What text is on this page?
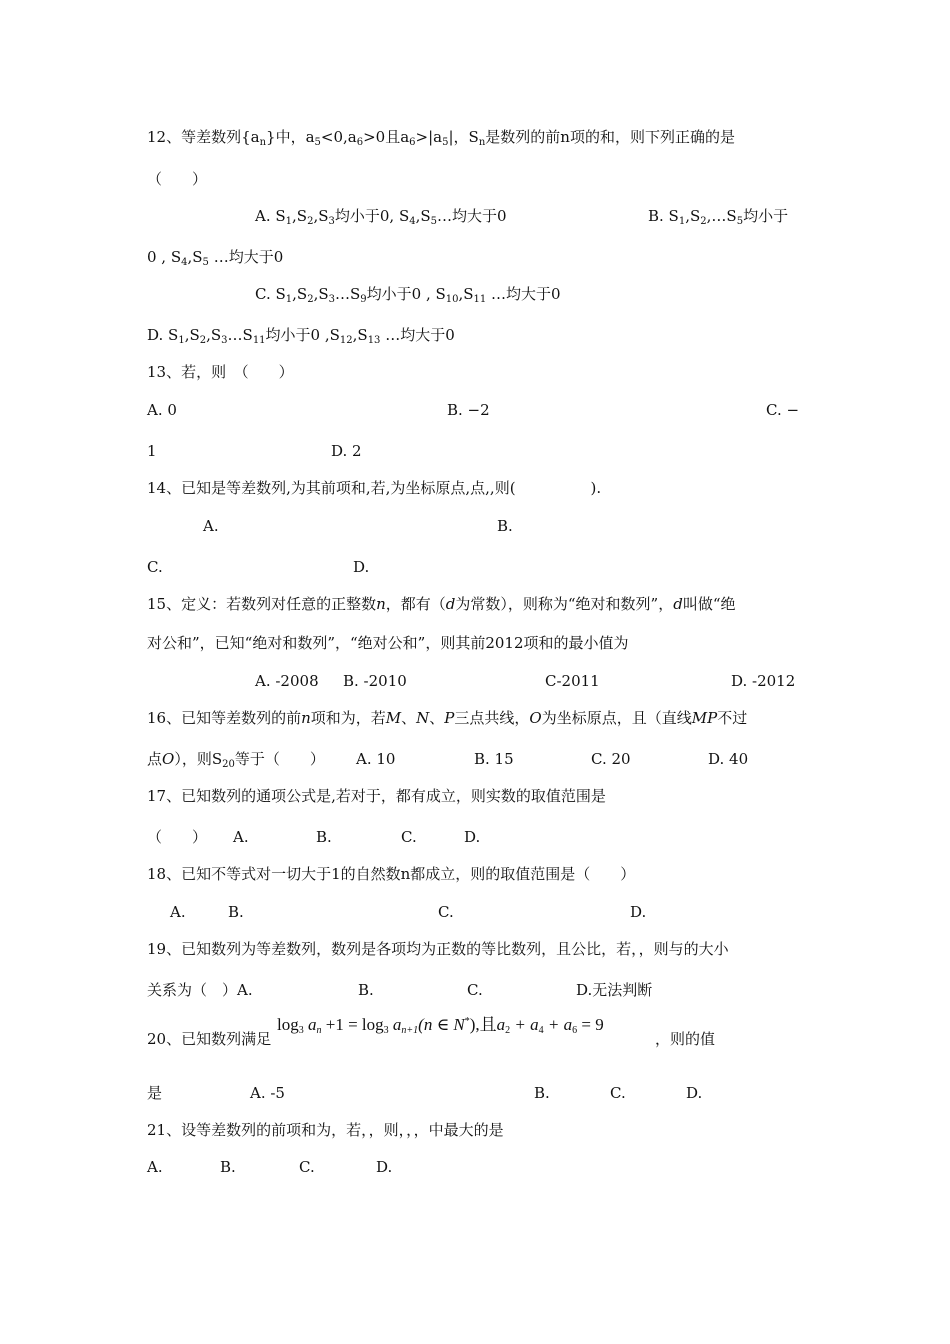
12、等差数列$\{a_n\}$中，$a_5<0,a_6>0$且$a_6>|a_5|$，$S_n$是数列的前n项的和，则下列正确的是
（　　）
A. $S_1,S_2,S_3$均小于0, $S_4,S_5\dots$均大于0	B. $S_1,S_2,\dots S_5$均小于
0 , $S_4,S_5$ …均大于0
C. $S_1,S_2,S_3\dots S_9$均小于0 , $S_{10},S_{11}$ …均大于0
D. $S_1,S_2,S_3\dots S_{11}$均小于0 $,S_{12},S_{13}$ …均大于0
13、若，则　（　　）
A. 0	B. −2	C. −
1	D. 2
14、已知是等差数列,为其前项和,若,为坐标原点,点,,则(　　　　　).
A.	B.
C.	D.
15、定义：若数列对任意的正整数n，都有（d为常数），则称为“绝对和数列”，d叫做“绝
对公和”，已知“绝对和数列”，“绝对公和”，则其前2012项和的最小值为
A. -2008 B. -2010	C-2011	D. -2012
16、已知等差数列的前n项和为，若M、N、P三点共线，O为坐标原点，且（直线MP不过
点O），则$S_{20}$等于（　　） A. 10	B. 15	C. 20	D. 40
17、已知数列的通项公式是,若对于，都有成立，则实数的取值范围是
（　　） A.	B.	C.	D.
18、已知不等式对一切大于1的自然数n都成立，则的取值范围是（　　）
A.	B.	C.	D.
19、已知数列为等差数列，数列是各项均为正数的等比数列，且公比，若，，则与的大小
关系为（　）A.	B.	C.	D.无法判断
20、已知数列满足
$\log_3 a_n +1 = \log_3 a_{n+1}(n$ ∈ N*),且$a_2 + a_4 + a_6 = 9$
，则的值
是	A. -5	B.	C.	D.
21、设等差数列的前项和为，若，，则，，，中最大的是
A.	B.	C.	D.
